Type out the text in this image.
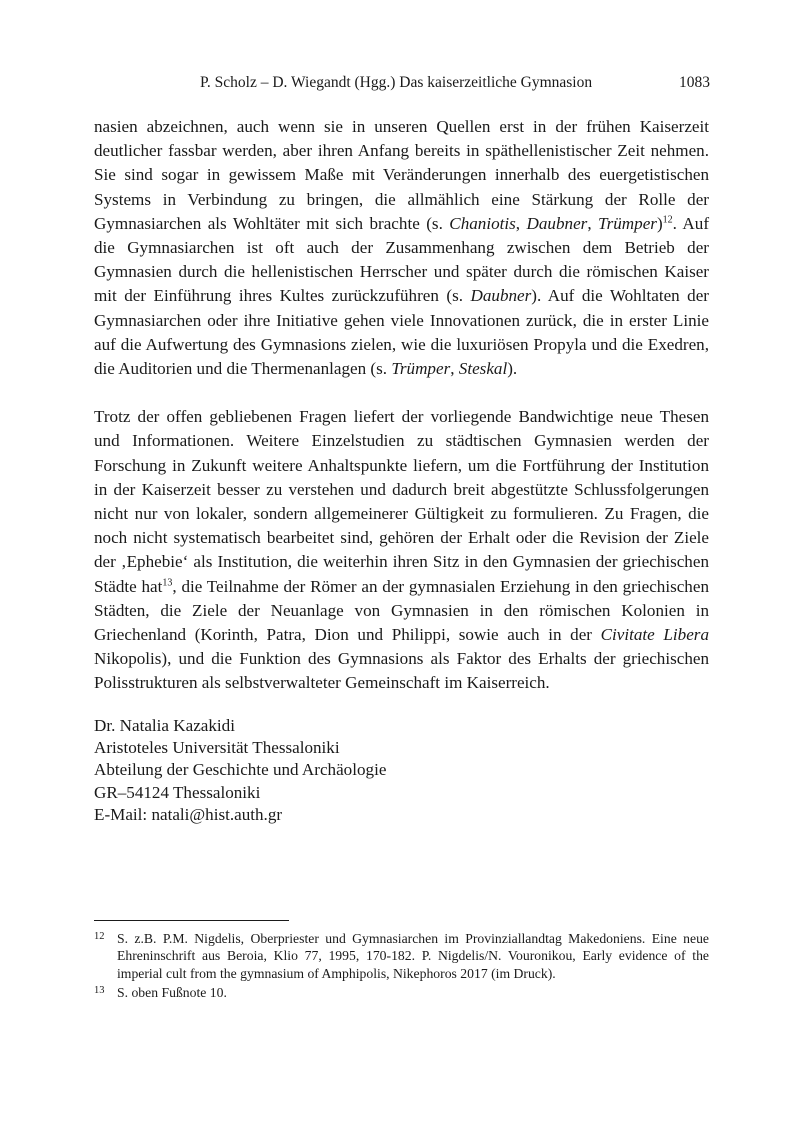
P. Scholz – D. Wiegandt (Hgg.) Das kaiserzeitliche Gymnasion	1083

nasien abzeichnen, auch wenn sie in unseren Quellen erst in der frühen Kaiserzeit deutlicher fassbar werden, aber ihren Anfang bereits in späthellenistischer Zeit nehmen. Sie sind sogar in gewissem Maße mit Veränderungen innerhalb des euergetistischen Systems in Verbindung zu bringen, die allmählich eine Stärkung der Rolle der Gymnasiarchen als Wohltäter mit sich brachte (s. Chaniotis, Daubner, Trümper)$^{12}$. Auf die Gymnasiarchen ist oft auch der Zusammenhang zwischen dem Betrieb der Gymnasien durch die hellenistischen Herrscher und später durch die römischen Kaiser mit der Einführung ihres Kultes zurückzuführen (s. Daubner). Auf die Wohltaten der Gymnasiarchen oder ihre Initiative gehen viele Innovationen zurück, die in erster Linie auf die Aufwertung des Gymnasions zielen, wie die luxuriösen Propyla und die Exedren, die Auditorien und die Thermenanlagen (s. Trümper, Steskal).

Trotz der offen gebliebenen Fragen liefert der vorliegende Bandwichtige neue Thesen und Informationen. Weitere Einzelstudien zu städtischen Gymnasien werden der Forschung in Zukunft weitere Anhaltspunkte liefern, um die Fortführung der Institution in der Kaiserzeit besser zu verstehen und dadurch breit abgestützte Schlussfolgerungen nicht nur von lokaler, sondern allgemeinerer Gültigkeit zu formulieren. Zu Fragen, die noch nicht systematisch bearbeitet sind, gehören der Erhalt oder die Revision der Ziele der ‚Ephebie‘ als Institution, die weiterhin ihren Sitz in den Gymnasien der griechischen Städte hat$^{13}$, die Teilnahme der Römer an der gymnasialen Erziehung in den griechischen Städten, die Ziele der Neuanlage von Gymnasien in den römischen Kolonien in Griechenland (Korinth, Patra, Dion und Philippi, sowie auch in der Civitate Libera Nikopolis), und die Funktion des Gymnasions als Faktor des Erhalts der griechischen Polisstrukturen als selbstverwalteter Gemeinschaft im Kaiserreich.

Dr. Natalia Kazakidi
Aristoteles Universität Thessaloniki
Abteilung der Geschichte und Archäologie
GR–54124 Thessaloniki
E-Mail: natali@hist.auth.gr
12 S. z.B. P.M. Nigdelis, Oberpriester und Gymnasiarchen im Provinziallandtag Makedoniens. Eine neue Ehreninschrift aus Beroia, Klio 77, 1995, 170-182. P. Nigdelis/N. Vouronikou, Early evidence of the imperial cult from the gymnasium of Amphipolis, Nikephoros 2017 (im Druck).
13 S. oben Fußnote 10.
